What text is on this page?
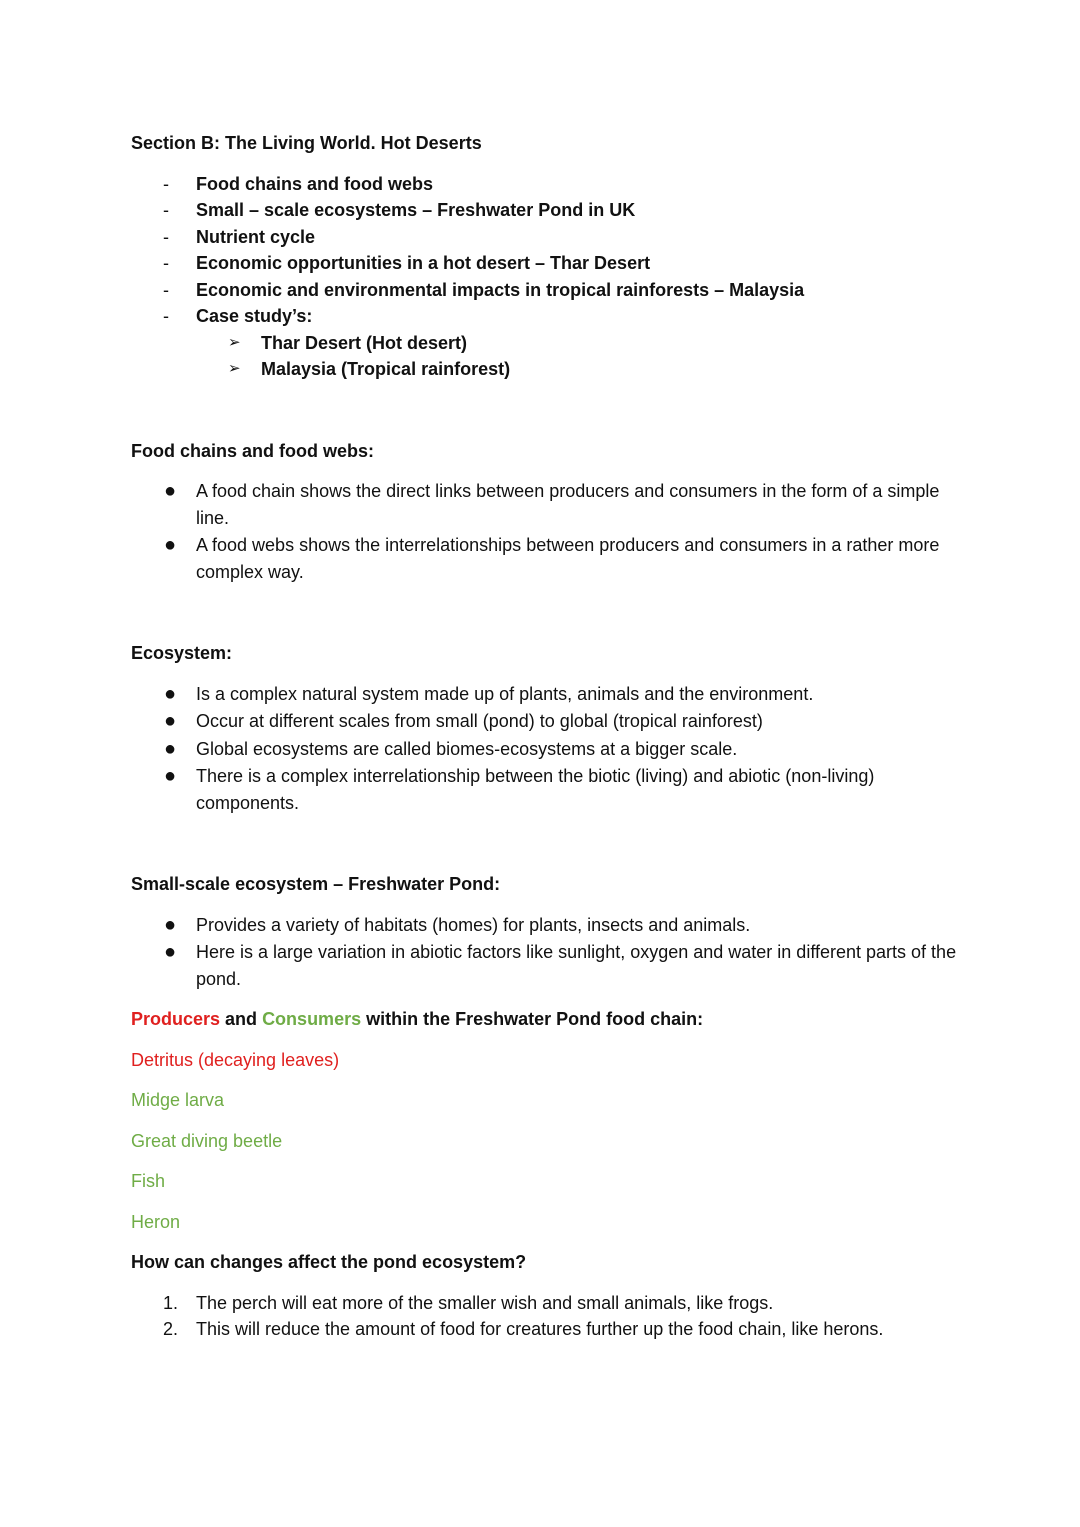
Section B: The Living World. Hot Deserts

- Food chains and food webs
- Small – scale ecosystems – Freshwater Pond in UK
- Nutrient cycle
- Economic opportunities in a hot desert – Thar Desert
- Economic and environmental impacts in tropical rainforests – Malaysia
- Case study’s:
➢ Thar Desert (Hot desert)
➢ Malaysia (Tropical rainforest)

Food chains and food webs:

● A food chain shows the direct links between producers and consumers in the form of a simple line.
● A food webs shows the interrelationships between producers and consumers in a rather more complex way.

Ecosystem:

● Is a complex natural system made up of plants, animals and the environment.
● Occur at different scales from small (pond) to global (tropical rainforest)
● Global ecosystems are called biomes-ecosystems at a bigger scale.
● There is a complex interrelationship between the biotic (living) and abiotic (non-living) components.

Small-scale ecosystem – Freshwater Pond:

● Provides a variety of habitats (homes) for plants, insects and animals.
● Here is a large variation in abiotic factors like sunlight, oxygen and water in different parts of the pond.

Producers and Consumers within the Freshwater Pond food chain:

Detritus (decaying leaves)

Midge larva

Great diving beetle

Fish

Heron

How can changes affect the pond ecosystem?

1. The perch will eat more of the smaller wish and small animals, like frogs.
2. This will reduce the amount of food for creatures further up the food chain, like herons.
